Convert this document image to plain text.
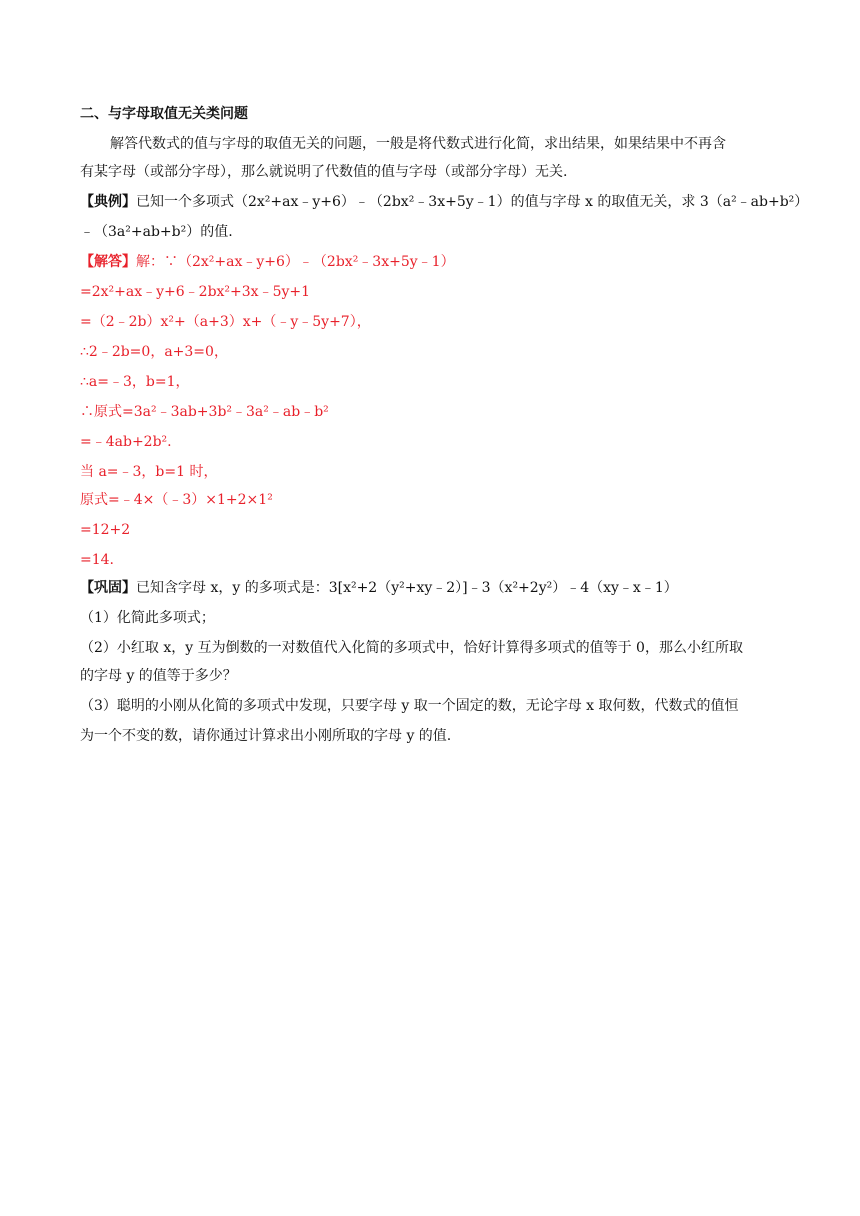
二、与字母取值无关类问题
解答代数式的值与字母的取值无关的问题，一般是将代数式进行化简，求出结果，如果结果中不再含
有某字母（或部分字母），那么就说明了代数值的值与字母（或部分字母）无关.
【典例】已知一个多项式（2x²+ax﹣y+6）﹣（2bx²﹣3x+5y﹣1）的值与字母 x 的取值无关，求 3（a²﹣ab+b²）
﹣（3a²+ab+b²）的值.
【解答】解：∵（2x²+ax﹣y+6）﹣（2bx²﹣3x+5y﹣1）
=2x²+ax﹣y+6﹣2bx²+3x﹣5y+1
=（2﹣2b）x²+（a+3）x+（﹣y﹣5y+7），
∴2﹣2b=0，a+3=0，
∴a=﹣3，b=1，
∴原式=3a²﹣3ab+3b²﹣3a²﹣ab﹣b²
=﹣4ab+2b².
当 a=﹣3，b=1 时，
原式=﹣4×（﹣3）×1+2×1²
=12+2
=14.
【巩固】已知含字母 x，y 的多项式是：3[x²+2（y²+xy﹣2）]﹣3（x²+2y²）﹣4（xy﹣x﹣1）
（1）化简此多项式；
（2）小红取 x，y 互为倒数的一对数值代入化简的多项式中，恰好计算得多项式的值等于 0，那么小红所取
的字母 y 的值等于多少？
（3）聪明的小刚从化简的多项式中发现，只要字母 y 取一个固定的数，无论字母 x 取何数，代数式的值恒
为一个不变的数，请你通过计算求出小刚所取的字母 y 的值.
